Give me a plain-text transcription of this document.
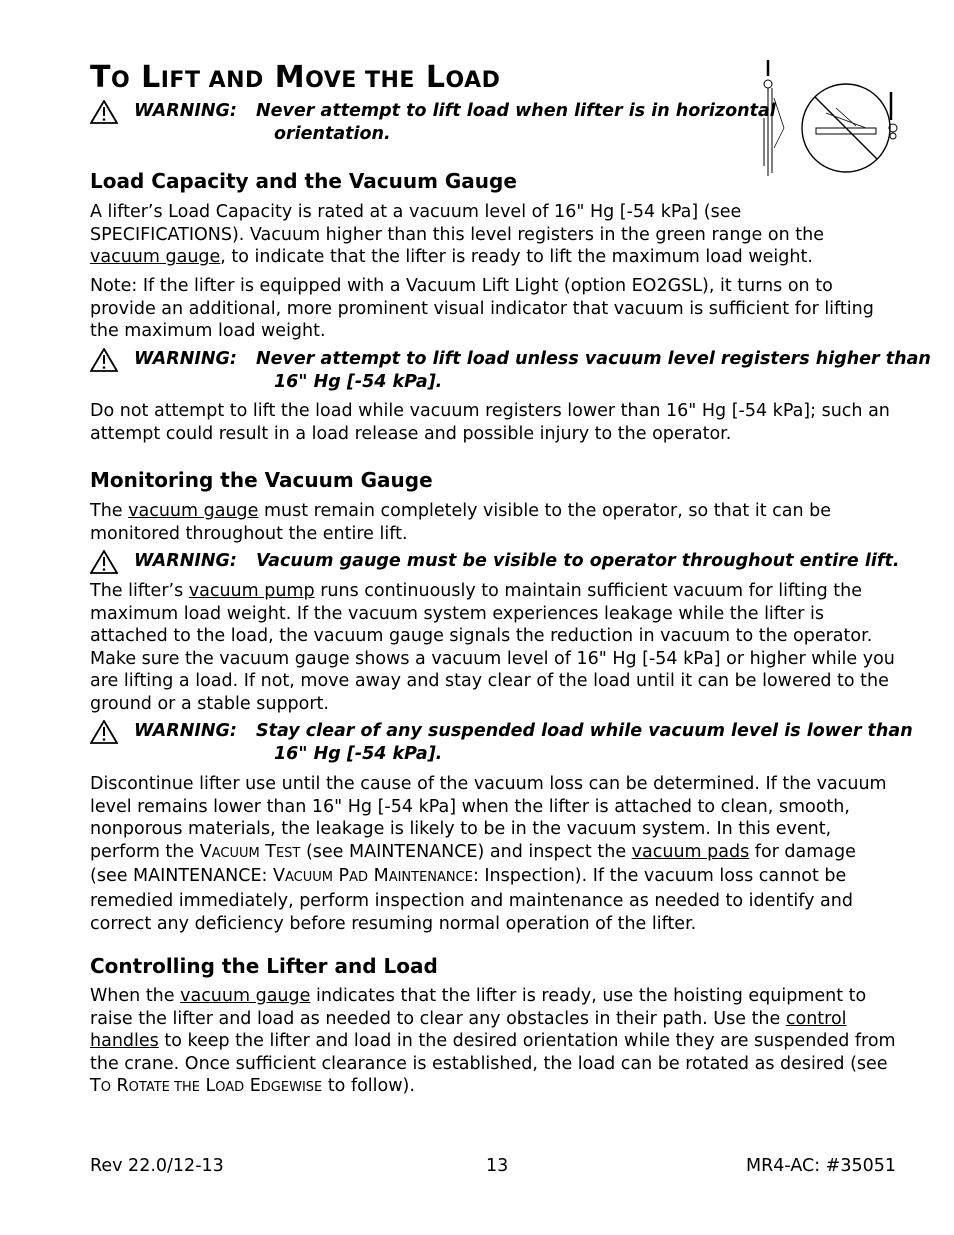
TO LIFT AND MOVE THE LOAD
WARNING:	Never attempt to lift load when lifter is in horizontal
orientation.
Load Capacity and the Vacuum Gauge

A lifter’s Load Capacity is rated at a vacuum level of 16" Hg [-54 kPa] (see SPECIFICATIONS). Vacuum higher than this level registers in the green range on the vacuum gauge, to indicate that the lifter is ready to lift the maximum load weight.

Note: If the lifter is equipped with a Vacuum Lift Light (option EO2GSL), it turns on to provide an additional, more prominent visual indicator that vacuum is sufficient for lifting the maximum load weight.

WARNING:	Never attempt to lift load unless vacuum level registers higher than
16" Hg [-54 kPa].

Do not attempt to lift the load while vacuum registers lower than 16" Hg [-54 kPa]; such an attempt could result in a load release and possible injury to the operator.

Monitoring the Vacuum Gauge

The vacuum gauge must remain completely visible to the operator, so that it can be monitored throughout the entire lift.

WARNING:	Vacuum gauge must be visible to operator throughout entire lift.

The lifter’s vacuum pump runs continuously to maintain sufficient vacuum for lifting the maximum load weight. If the vacuum system experiences leakage while the lifter is attached to the load, the vacuum gauge signals the reduction in vacuum to the operator. Make sure the vacuum gauge shows a vacuum level of 16" Hg [-54 kPa] or higher while you are lifting a load. If not, move away and stay clear of the load until it can be lowered to the ground or a stable support.

WARNING:	Stay clear of any suspended load while vacuum level is lower than
16" Hg [-54 kPa].

Discontinue lifter use until the cause of the vacuum loss can be determined. If the vacuum level remains lower than 16" Hg [-54 kPa] when the lifter is attached to clean, smooth, nonporous materials, the leakage is likely to be in the vacuum system. In this event, perform the VACUUM TEST (see MAINTENANCE) and inspect the vacuum pads for damage (see MAINTENANCE: VACUUM PAD MAINTENANCE: Inspection). If the vacuum loss cannot be remedied immediately, perform inspection and maintenance as needed to identify and correct any deficiency before resuming normal operation of the lifter.

Controlling the Lifter and Load

When the vacuum gauge indicates that the lifter is ready, use the hoisting equipment to raise the lifter and load as needed to clear any obstacles in their path. Use the control handles to keep the lifter and load in the desired orientation while they are suspended from the crane. Once sufficient clearance is established, the load can be rotated as desired (see TO ROTATE THE LOAD EDGEWISE to follow).

Rev 22.0/12-13	13	MR4-AC: #35051
